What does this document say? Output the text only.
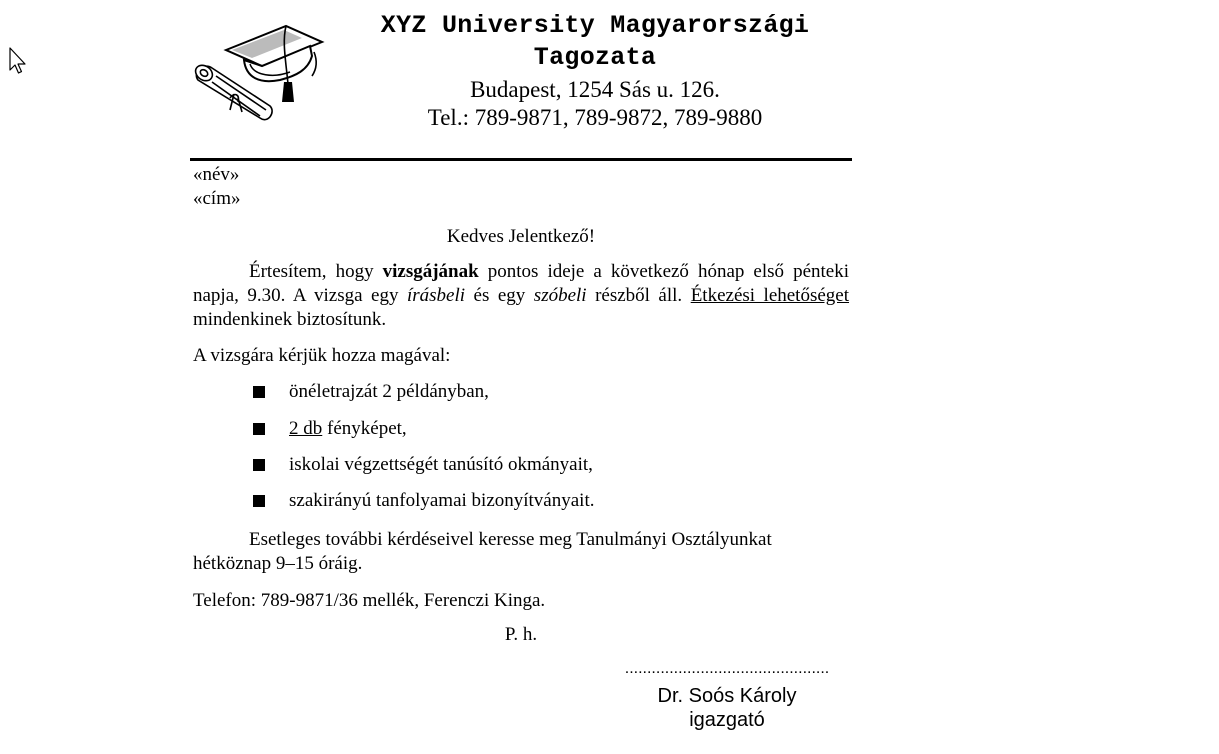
XYZ University Magyarországi
Tagozata
Budapest, 1254 Sás u. 126.
Tel.: 789-9871, 789-9872, 789-9880
«név»
«cím»
Kedves Jelentkező!
Értesítem, hogy vizsgájának pontos ideje a következő hónap első pénteki napja, 9.30. A vizsga egy írásbeli és egy szóbeli részből áll. Étkezési lehetőséget mindenkinek biztosítunk.
A vizsgára kérjük hozza magával:
önéletrajzát 2 példányban,
2 db fényképet,
iskolai végzettségét tanúsító okmányait,
szakirányú tanfolyamai bizonyítványait.
Esetleges további kérdéseivel keresse meg Tanulmányi Osztályunkat hétköznap 9–15 óráig.
Telefon: 789-9871/36 mellék, Ferenczi Kinga.
P. h.
..............................................
Dr. Soós Károly
igazgató
